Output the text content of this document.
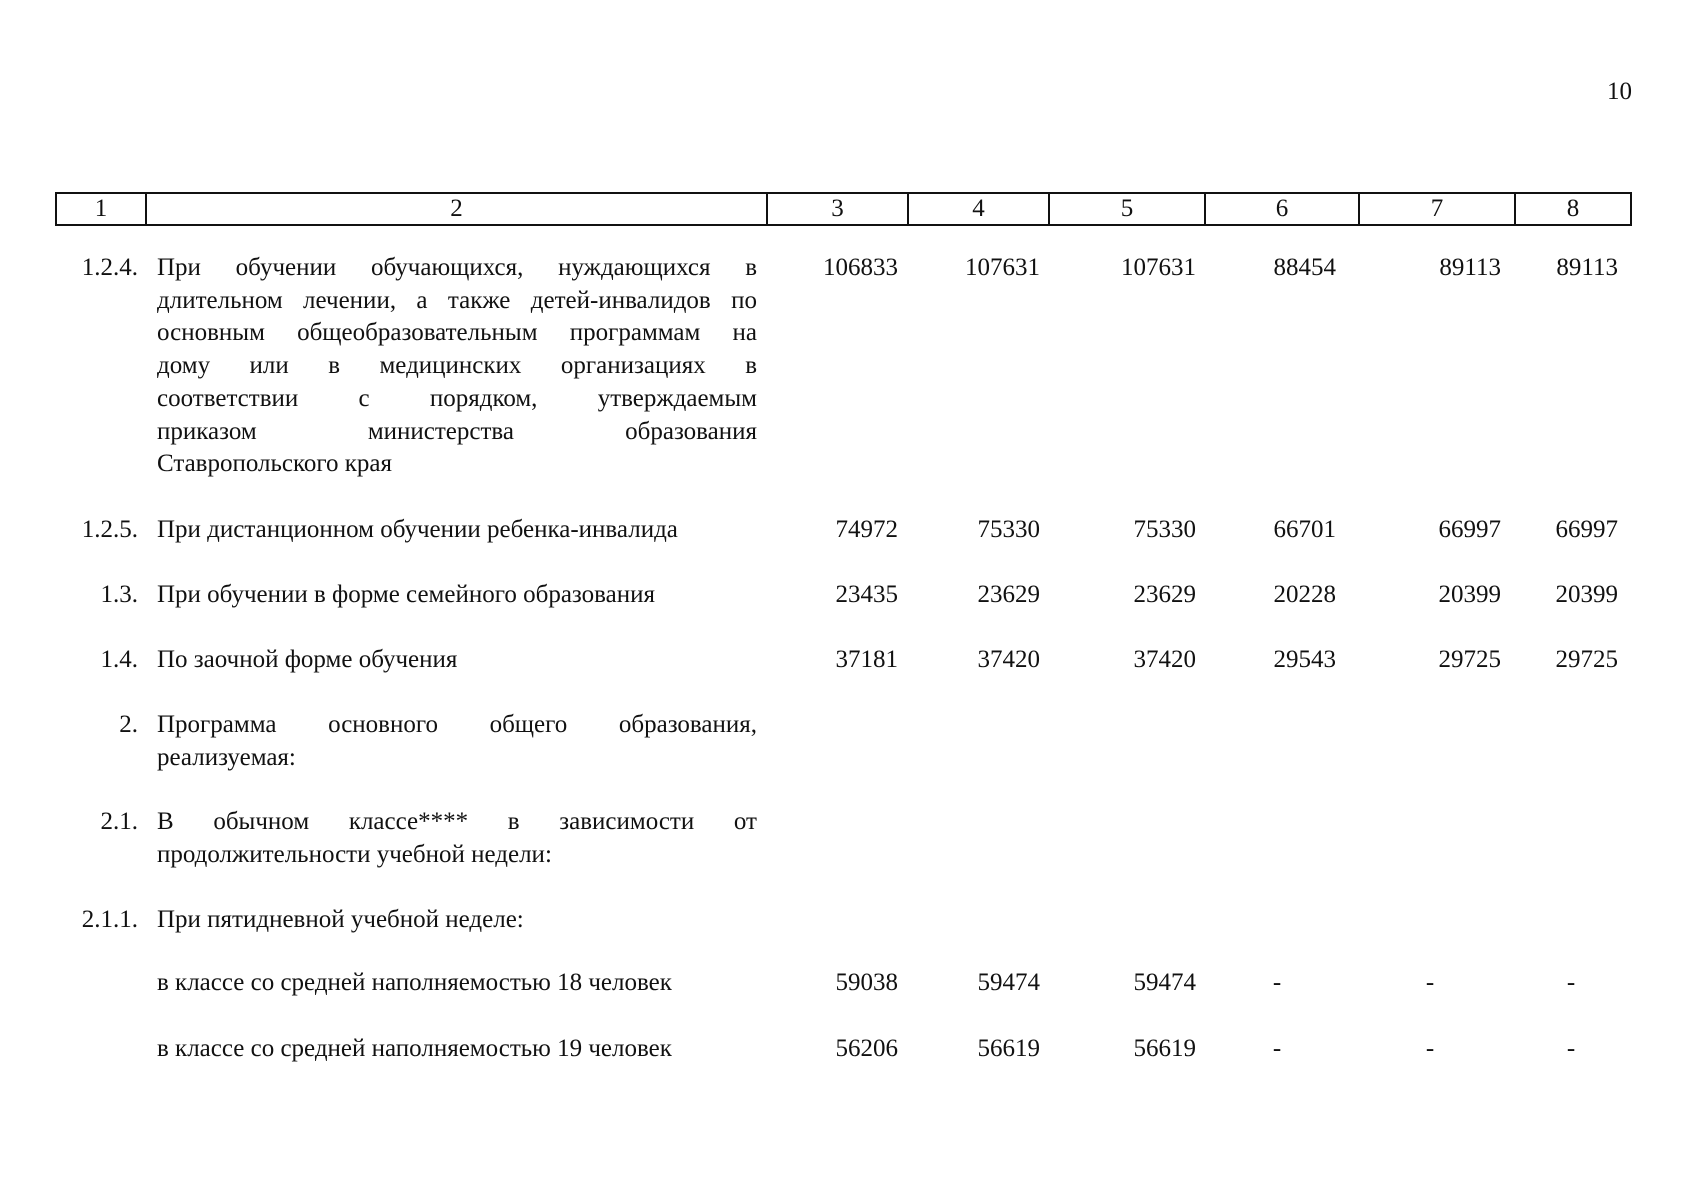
10
1	2	3	4	5	6	7	8
1.2.4. При обучении обучающихся, нуждающихся в
длительном лечении, а также детей-инвалидов по
основным общеобразовательным программам на
дому или в медицинских организациях в
соответствии с порядком, утверждаемым
приказом министерства образования
Ставропольского края
106833	107631	107631	88454	89113	89113
1.2.5. При дистанционном обучении ребенка-инвалида	74972	75330	75330	66701	66997	66997
1.3. При обучении в форме семейного образования	23435	23629	23629	20228	20399	20399
1.4. По заочной форме обучения	37181	37420	37420	29543	29725	29725
2. Программа основного общего образования,
реализуемая:
2.1. В обычном классе**** в зависимости от
продолжительности учебной недели:
2.1.1. При пятидневной учебной неделе:
в классе со средней наполняемостью 18 человек	59038	59474	59474	-	-	-
в классе со средней наполняемостью 19 человек	56206	56619	56619	-	-	-
